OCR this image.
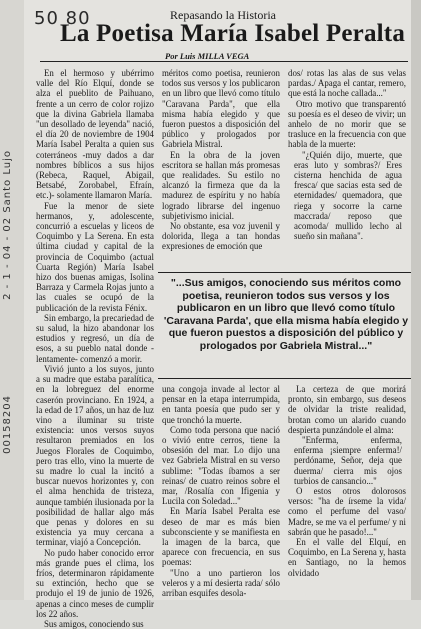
00158204
2 - 1 - 04 - 02 Santo Lujo
50 80	Repasando la Historia
La Poetisa María Isabel Peralta
Por Luis MILLA VEGA

En el hermoso y ubérrimo valle del Río Elquí, donde se alza el pueblito de Paihuano, frente a un cerro de color rojizo que la divina Gabriela llamaba "un desollado de leyenda" nació, el día 20 de noviembre de 1904 María Isabel Peralta a quien sus coterráneos -muy dados a dar nombres bíblicos a sus hijos (Rebeca, Raquel, Abigail, Betsabé, Zorobabel, Efraín, etc.)- solamente llamaron María.

Fue la menor de siete hermanos, y, adolescente, concurrió a escuelas y liceos de Coquimbo y La Serena. En esta última ciudad y capital de la provincia de Coquimbo (actual Cuarta Región) María Isabel hizo dos buenas amigas, Isolina Barraza y Carmela Rojas junto a las cuales se ocupó de la publicación de la revista Fénix.

Sin embargo, la precariedad de su salud, la hizo abandonar los estudios y regresó, un día de esos, a su pueblo natal donde -lentamente- comenzó a morir.

Vivió junto a los suyos, junto a su madre que estaba paralítica, en la lobreguez del enorme caserón provinciano. En 1924, a la edad de 17 años, un haz de luz vino a iluminar su triste existencia: unos versos suyos resultaron premiados en los Juegos Florales de Coquimbo, pero tras ello, vino la muerte de su madre lo cual la incitó a buscar nuevos horizontes y, con el alma henchida de tristeza, aunque también ilusionada por la posibilidad de hallar algo más que penas y dolores en su existencia ya muy cercana a terminar, viajó a Concepción.

No pudo haber conocido error más grande pues el clima, los fríos, determinaron rápidamente su extinción, hecho que se produjo el 19 de junio de 1926, apenas a cinco meses de cumplir los 22 años.

Sus amigos, conociendo sus

méritos como poetisa, reunieron todos sus versos y los publicaron en un libro que llevó como título "Caravana Parda", que ella misma había elegido y que fueron puestos a disposición del público y prologados por Gabriela Mistral.

En la obra de la joven escritora se hallan más promesas que realidades. Su estilo no alcanzó la firmeza que da la madurez de espíritu y no había logrado librarse del ingenuo subjetivismo inicial.

No obstante, esa voz juvenil y dolorida, llega a tan hondas expresiones de emoción que

dos/ rotas las alas de sus velas pardas./ Apaga el cantar, remero, que está la noche callada..."

Otro motivo que transparentó su poesía es el deseo de vivir; un anhelo de no morir que se trasluce en la frecuencia con que habla de la muerte:

"¿Quién dijo, muerte, que eras luto y sombras?/ Eres cisterna henchida de agua fresca/ que sacias esta sed de eternidades/ quemadora, que riega y socorre la carne maccrada/ reposo que acomoda/ mullido lecho al sueño sin mañana".

"...Sus amigos, conociendo sus méritos como poetisa, reunieron todos sus versos y los publicaron en un libro que llevó como título 'Caravana Parda', que ella misma había elegido y que fueron puestos a disposición del público y prologados por Gabriela Mistral..."

una congoja invade al lector al pensar en la etapa interrumpida, en tanta poesía que pudo ser y que tronchó la muerte.

Como toda persona que nació o vivió entre cerros, tiene la obsesión del mar. Lo dijo una vez Gabriela Mistral en su verso sublime: "Todas íbamos a ser reinas/ de cuatro reinos sobre el mar, /Rosalía con Ifigenia y Lucila con Soledad..."

En María Isabel Peralta ese deseo de mar es más bien subconsciente y se manifiesta en la imagen de la barca, que aparece con frecuencia, en sus poemas:

"Uno a uno partieron los veleros y a mí desierta rada/ sólo arriban esquifes desola-

La certeza de que morirá pronto, sin embargo, sus deseos de olvidar la triste realidad, brotan como un alarido cuando despierta punzándole el alma:

"Enferma, enferma, enferma ¡siempre enferma!/ perdóname, Señor, deja que duerma/ cierra mis ojos turbios de cansancio..."

O estos otros dolorosos versos: "ha de írseme la vida/ como el perfume del vaso/ Madre, se me va el perfume/ y ni sabrán que he pasado!..."

En el valle del Elquí, en Coquimbo, en La Serena y, hasta en Santiago, no la hemos olvidado
